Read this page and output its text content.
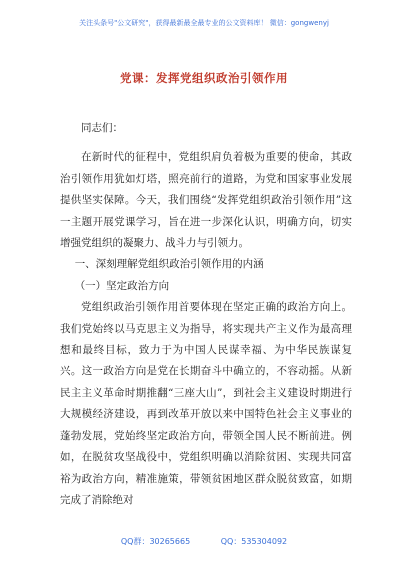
关注头条号"公文研究"，获得最新最全最专业的公文资料库！ 微信：gongwenyj
党课：发挥党组织政治引领作用

同志们：

在新时代的征程中，党组织肩负着极为重要的使命，其政治引领作用犹如灯塔，照亮前行的道路，为党和国家事业发展提供坚实保障。今天，我们围绕“发挥党组织政治引领作用”这一主题开展党课学习，旨在进一步深化认识，明确方向，切实增强党组织的凝聚力、战斗力与引领力。

一、深刻理解党组织政治引领作用的内涵

（一）坚定政治方向

党组织政治引领作用首要体现在坚定正确的政治方向上。我们党始终以马克思主义为指导，将实现共产主义作为最高理想和最终目标，致力于为中国人民谋幸福、为中华民族谋复兴。这一政治方向是党在长期奋斗中确立的，不容动摇。从新民主主义革命时期推翻“三座大山”，到社会主义建设时期进行大规模经济建设，再到改革开放以来中国特色社会主义事业的蓬勃发展，党始终坚定政治方向，带领全国人民不断前进。例如，在脱贫攻坚战役中，党组织明确以消除贫困、实现共同富裕为政治方向，精准施策，带领贫困地区群众脱贫致富，如期完成了消除绝对

QQ群：30265665	QQ：535304092
